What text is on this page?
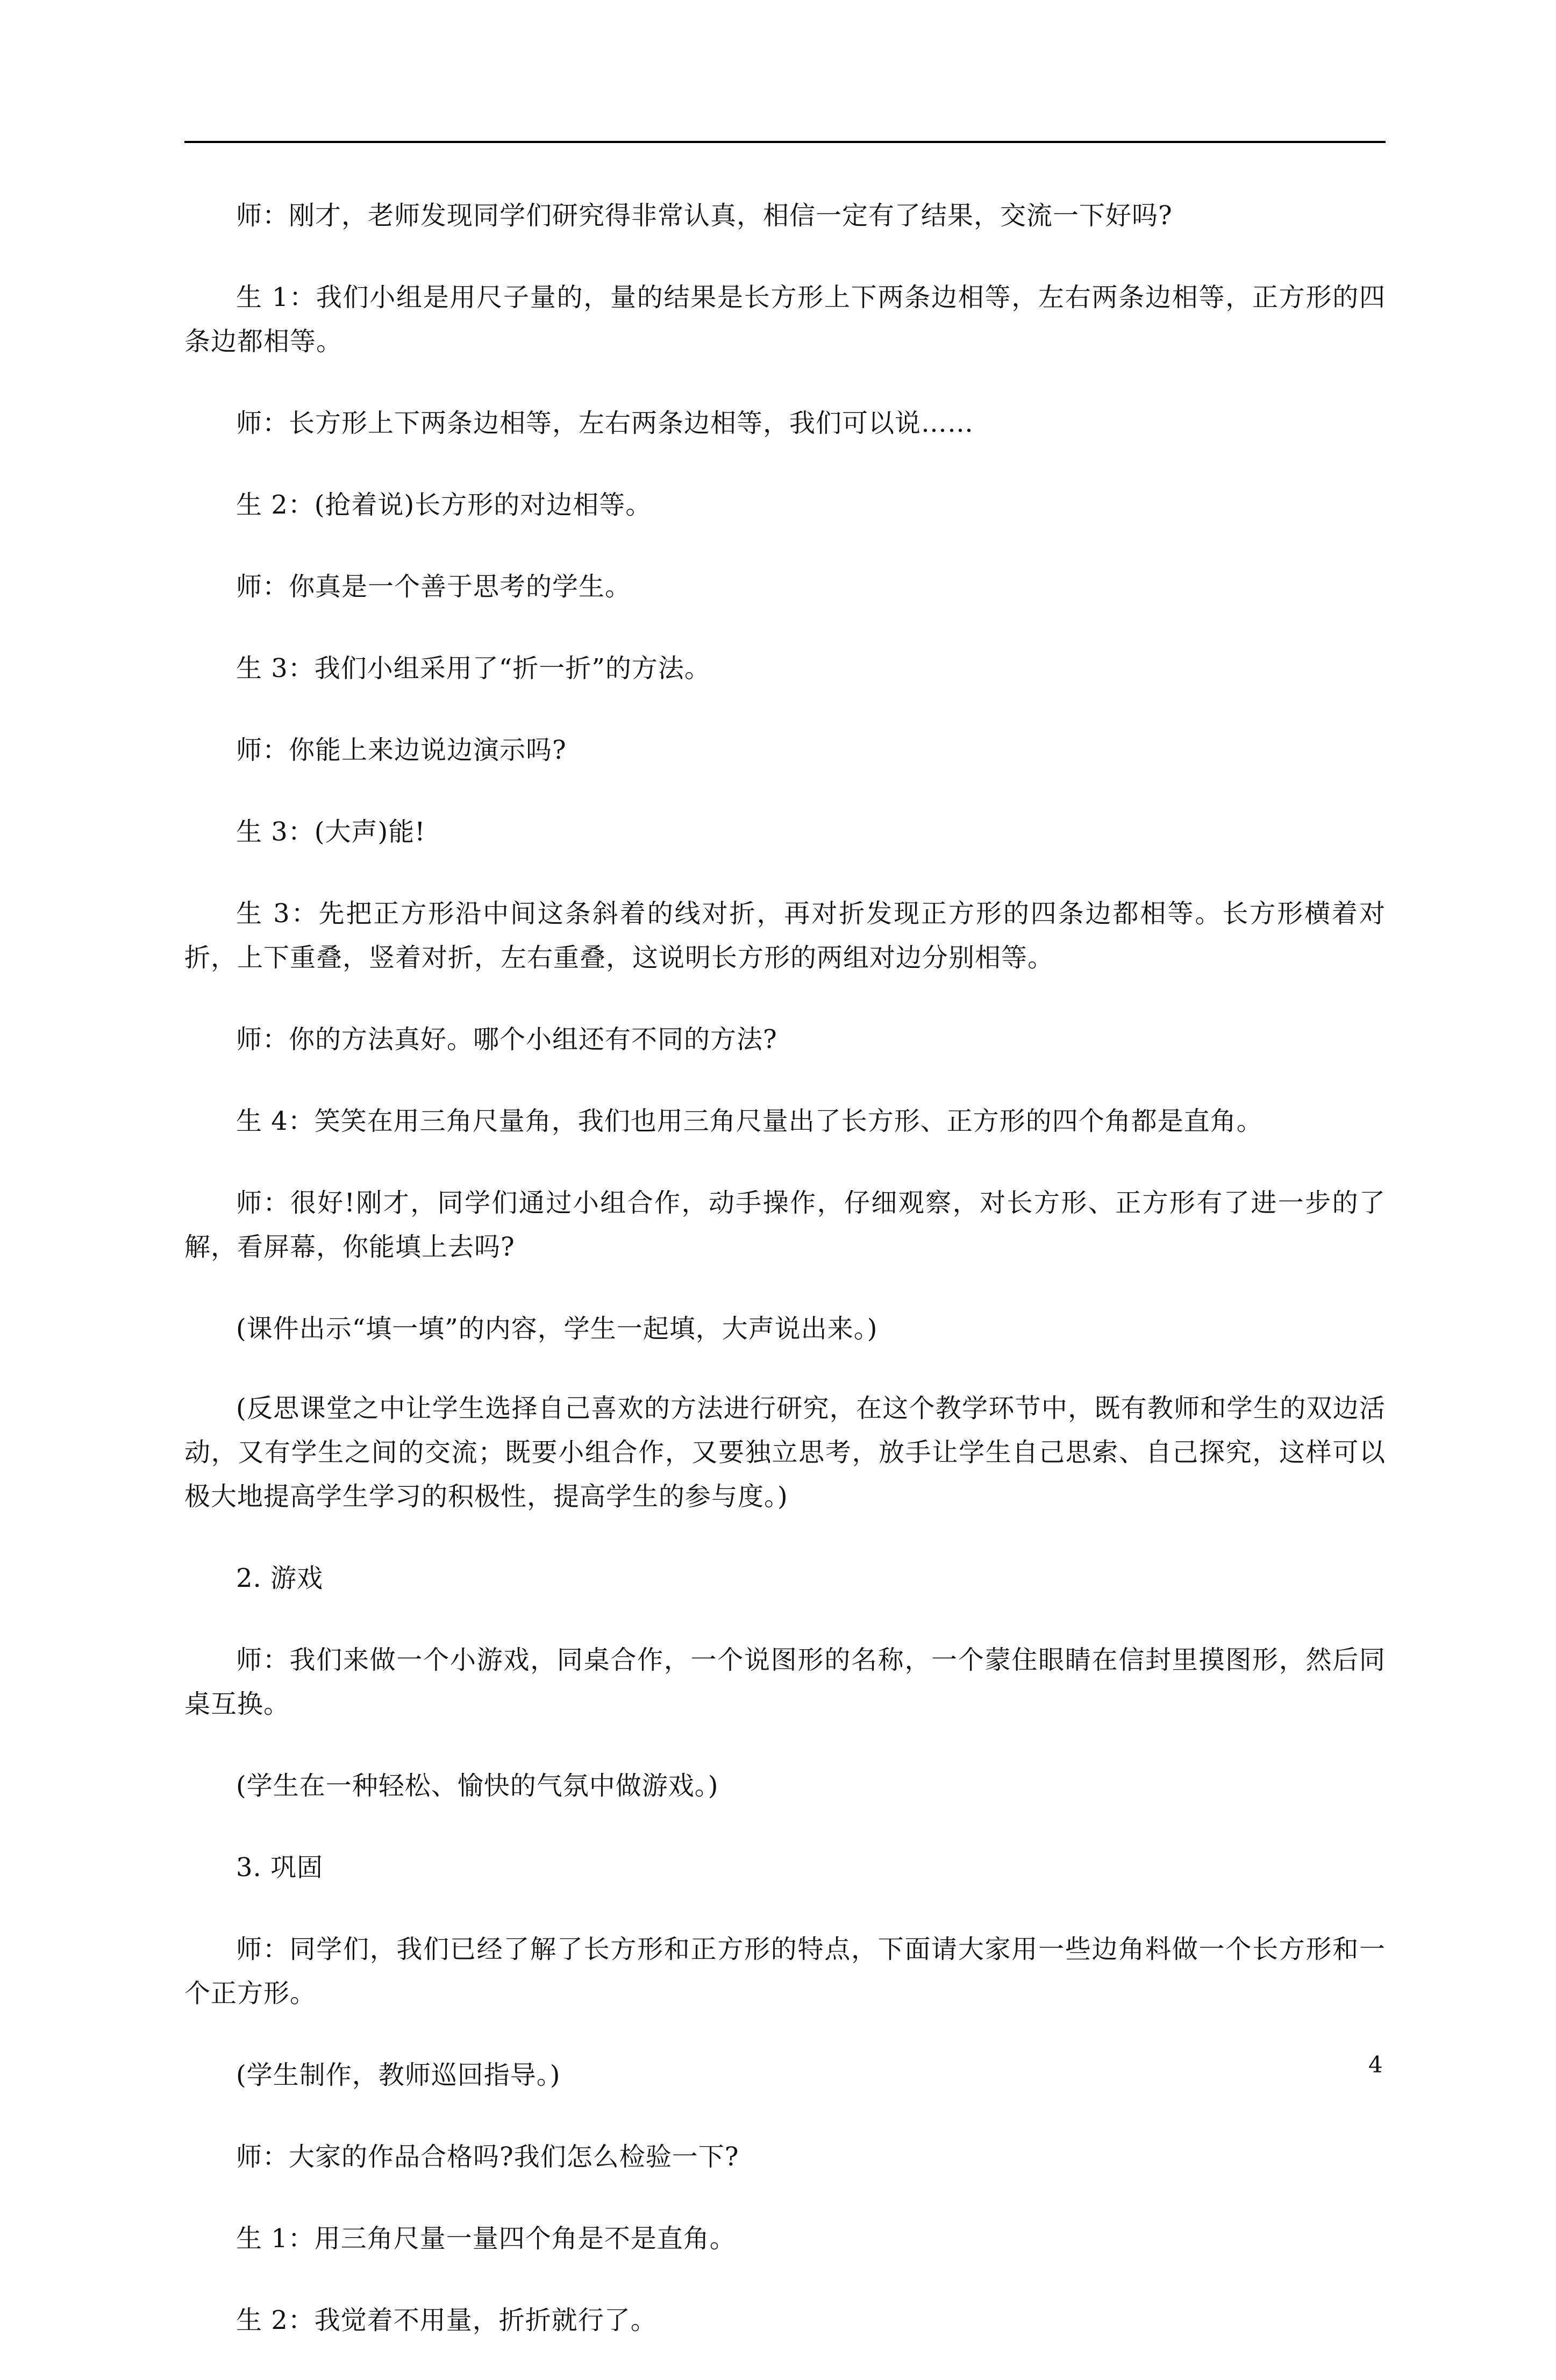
师：刚才，老师发现同学们研究得非常认真，相信一定有了结果，交流一下好吗?

生 1：我们小组是用尺子量的，量的结果是长方形上下两条边相等，左右两条边相等，正方形的四条边都相等。

师：长方形上下两条边相等，左右两条边相等，我们可以说……

生 2：(抢着说)长方形的对边相等。

师：你真是一个善于思考的学生。

生 3：我们小组采用了“折一折”的方法。

师：你能上来边说边演示吗?

生 3：(大声)能!

生 3：先把正方形沿中间这条斜着的线对折，再对折发现正方形的四条边都相等。长方形横着对折，上下重叠，竖着对折，左右重叠，这说明长方形的两组对边分别相等。

师：你的方法真好。哪个小组还有不同的方法?

生 4：笑笑在用三角尺量角，我们也用三角尺量出了长方形、正方形的四个角都是直角。

师：很好!刚才，同学们通过小组合作，动手操作，仔细观察，对长方形、正方形有了进一步的了解，看屏幕，你能填上去吗?

(课件出示“填一填”的内容，学生一起填，大声说出来。)

(反思课堂之中让学生选择自己喜欢的方法进行研究，在这个教学环节中，既有教师和学生的双边活动，又有学生之间的交流；既要小组合作，又要独立思考，放手让学生自己思索、自己探究，这样可以极大地提高学生学习的积极性，提高学生的参与度。)

2. 游戏

师：我们来做一个小游戏，同桌合作，一个说图形的名称，一个蒙住眼睛在信封里摸图形，然后同桌互换。

(学生在一种轻松、愉快的气氛中做游戏。)

3. 巩固

师：同学们，我们已经了解了长方形和正方形的特点，下面请大家用一些边角料做一个长方形和一个正方形。

(学生制作，教师巡回指导。)

师：大家的作品合格吗?我们怎么检验一下?

生 1：用三角尺量一量四个角是不是直角。

生 2：我觉着不用量，折折就行了。

4
